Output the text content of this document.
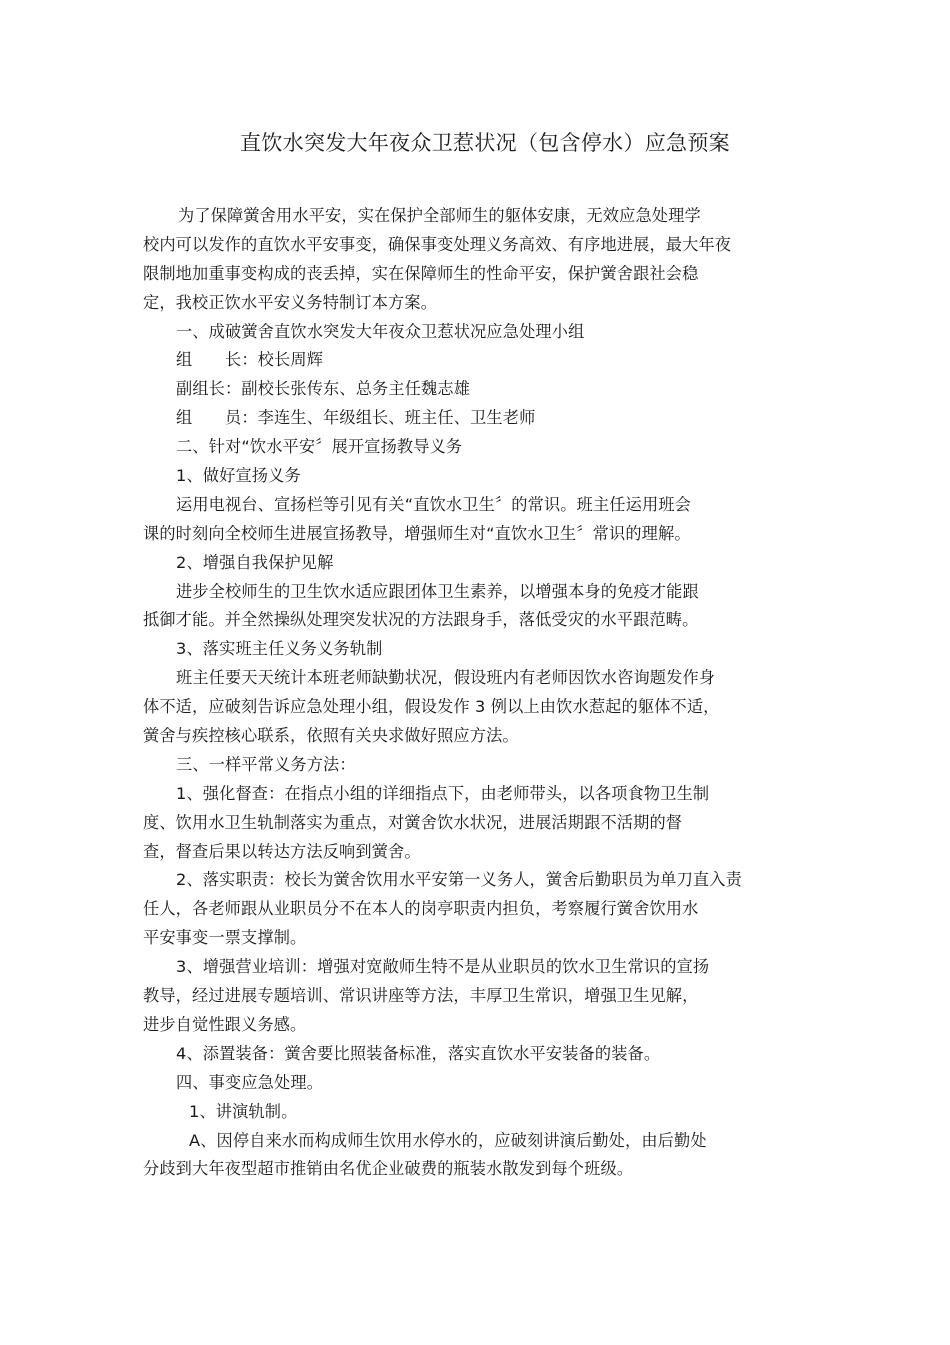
直饮水突发大年夜众卫惹状况（包含停水）应急预案
为了保障黉舍用水平安，实在保护全部师生的躯体安康，无效应急处理学
校内可以发作的直饮水平安事变，确保事变处理义务高效、有序地进展，最大年夜
限制地加重事变构成的丧丢掉，实在保障师生的性命平安，保护黉舍跟社会稳
定，我校正饮水平安义务特制订本方案。
一、成破黉舍直饮水突发大年夜众卫惹状况应急处理小组
组　　长：校长周辉
副组长：副校长张传东、总务主任魏志雄
组　　员：李连生、年级组长、班主任、卫生老师
二、针对“饮水平安〞展开宣扬教导义务
1、做好宣扬义务
运用电视台、宣扬栏等引见有关“直饮水卫生〞的常识。班主任运用班会
课的时刻向全校师生进展宣扬教导，增强师生对“直饮水卫生〞常识的理解。
2、增强自我保护见解
进步全校师生的卫生饮水适应跟团体卫生素养，以增强本身的免疫才能跟
抵御才能。并全然操纵处理突发状况的方法跟身手，落低受灾的水平跟范畴。
3、落实班主任义务义务轨制
班主任要天天统计本班老师缺勤状况，假设班内有老师因饮水咨询题发作身
体不适，应破刻告诉应急处理小组，假设发作 3 例以上由饮水惹起的躯体不适，
黉舍与疾控核心联系，依照有关央求做好照应方法。
三、一样平常义务方法：
1、强化督查：在指点小组的详细指点下，由老师带头，以各项食物卫生制
度、饮用水卫生轨制落实为重点，对黉舍饮水状况，进展活期跟不活期的督
查，督查后果以转达方法反响到黉舍。
2、落实职责：校长为黉舍饮用水平安第一义务人，黉舍后勤职员为单刀直入责
任人，各老师跟从业职员分不在本人的岗亭职责内担负，考察履行黉舍饮用水
平安事变一票支撑制。
3、增强营业培训：增强对宽敞师生特不是从业职员的饮水卫生常识的宣扬
教导，经过进展专题培训、常识讲座等方法，丰厚卫生常识，增强卫生见解，
进步自觉性跟义务感。
4、添置装备：黉舍要比照装备标准，落实直饮水平安装备的装备。
四、事变应急处理。
1、讲演轨制。
A、因停自来水而构成师生饮用水停水的，应破刻讲演后勤处，由后勤处
分歧到大年夜型超市推销由名优企业破费的瓶装水散发到每个班级。
